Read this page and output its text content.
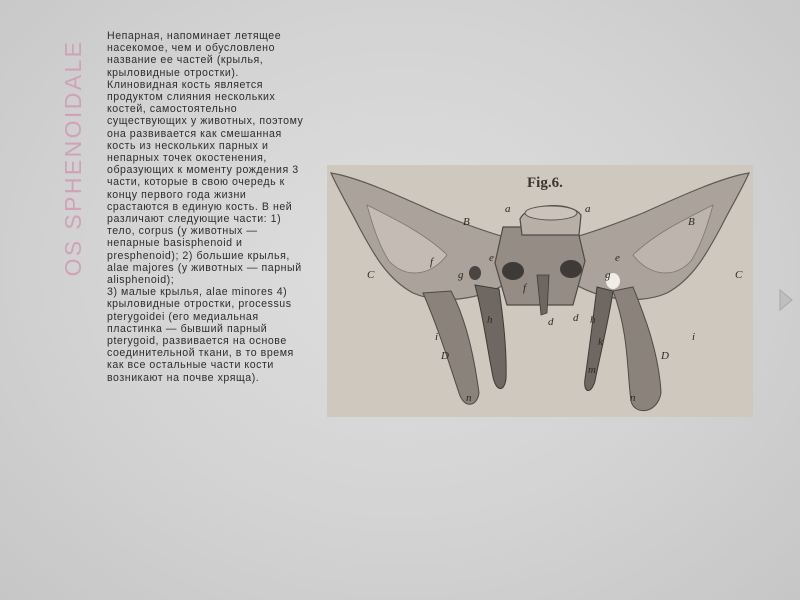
OS SPHENOIDALE

Непарная, напоминает летящее насекомое, чем и обусловлено название ее частей (крылья, крыловидные отростки).

Клиновидная кость является продуктом слияния нескольких костей, самостоятельно существующих у животных, поэтому она развивается как смешанная кость из нескольких парных и непарных точек окостенения, образующих к моменту рождения 3 части, которые в свою очередь к концу первого года жизни срастаются в единую кость. В ней различают следующие части: 1) тело, corpus (у животных — непарные basisphenoid и presphenoid); 2) большие крылья, alae majores (у животных — парный alisphenoid);

3) малые крылья, alae minores 4) крыловидные отростки, processus pterygoidei (его медиальная пластинка — бывший парный pterygoid, развивается на основе соединительной ткани, в то время как все остальные части кости возникают на почве хряща).

a	a
B	B
C	C
f	e	e
g	g
f
d d
h	h
i	i
k
D	D
m
n	n
Fig.6.
